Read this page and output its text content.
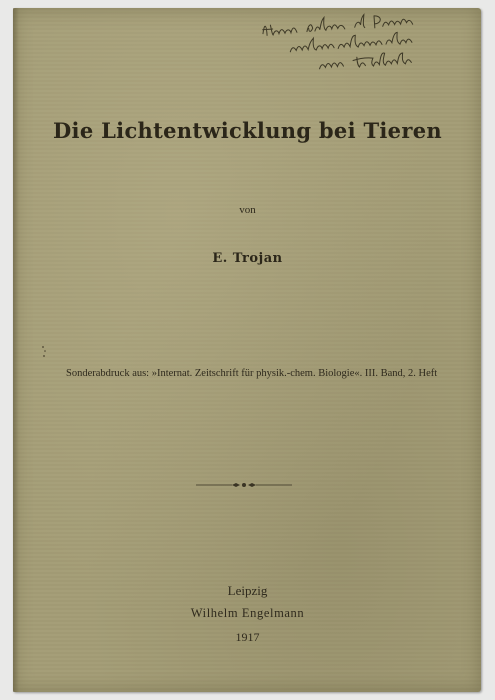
Die Lichtentwicklung bei Tieren
von
E. Trojan
Sonderabdruck aus: »Internat. Zeitschrift für physik.-chem. Biologie«. III. Band, 2. Heft
Leipzig
Wilhelm Engelmann
1917
